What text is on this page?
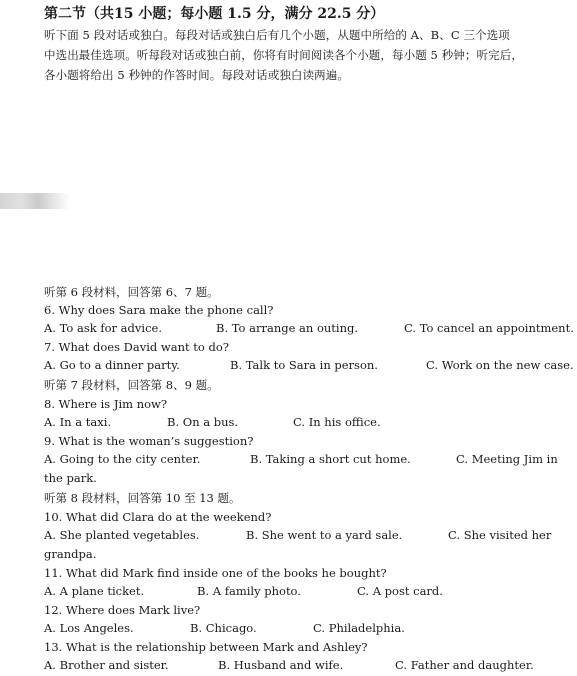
第二节（共15 小题；每小题 1.5 分，满分 22.5 分）
听下面 5 段对话或独白。每段对话或独白后有几个小题，从题中所给的 A、B、C 三个选项
中选出最佳选项。听每段对话或独白前，你将有时间阅读各个小题，每小题 5 秒钟；听完后，
各小题将给出 5 秒钟的作答时间。每段对话或独白读两遍。
听第 6 段材料，回答第 6、7 题。
6. Why does Sara make the phone call?
A. To ask for advice.	B. To arrange an outing.	C. To cancel an appointment.
7. What does David want to do?
A. Go to a dinner party.	B. Talk to Sara in person.	C. Work on the new case.
听第 7 段材料，回答第 8、9 题。
8. Where is Jim now?
A. In a taxi.	B. On a bus.	C. In his office.
9. What is the woman’s suggestion?
A. Going to the city center.	B. Taking a short cut home.	C. Meeting Jim in
the park.
听第 8 段材料，回答第 10 至 13 题。
10. What did Clara do at the weekend?
A. She planted vegetables.	B. She went to a yard sale.	C. She visited her
grandpa.
11. What did Mark find inside one of the books he bought?
A. A plane ticket.	B. A family photo.	C. A post card.
12. Where does Mark live?
A. Los Angeles.	B. Chicago.	C. Philadelphia.
13. What is the relationship between Mark and Ashley?
A. Brother and sister.	B. Husband and wife.	C. Father and daughter.
